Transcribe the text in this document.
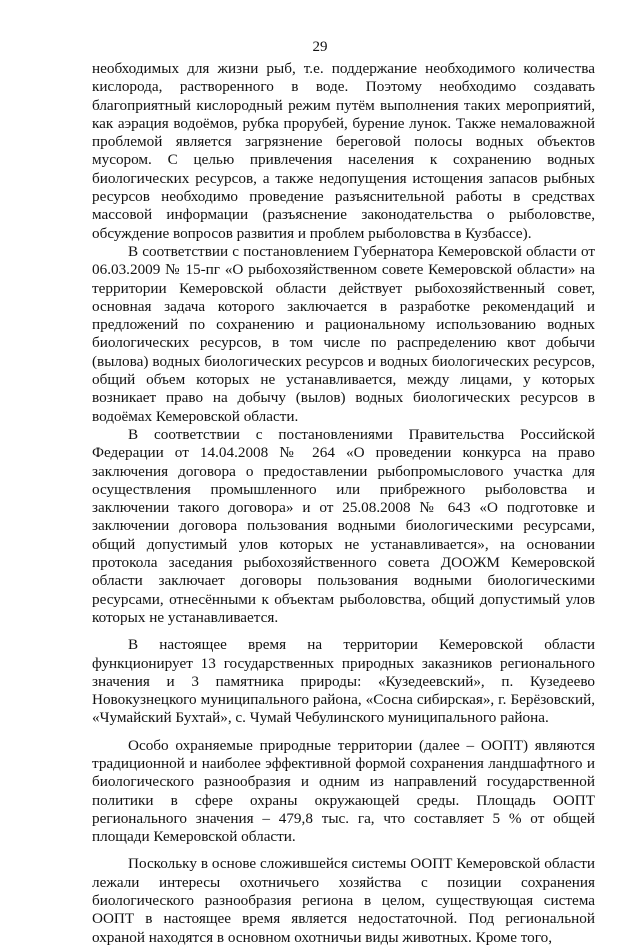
29

необходимых для жизни рыб, т.е. поддержание необходимого количества кислорода, растворенного в воде. Поэтому необходимо создавать благоприятный кислородный режим путём выполнения таких мероприятий, как аэрация водоёмов, рубка прорубей, бурение лунок. Также немаловажной проблемой является загрязнение береговой полосы водных объектов мусором. С целью привлечения населения к сохранению водных биологических ресурсов, а также недопущения истощения запасов рыбных ресурсов необходимо проведение разъяснительной работы в средствах массовой информации (разъяснение законодательства о рыболовстве, обсуждение вопросов развития и проблем рыболовства в Кузбассе).

В соответствии с постановлением Губернатора Кемеровской области от 06.03.2009 № 15-пг «О рыбохозяйственном совете Кемеровской области» на территории Кемеровской области действует рыбохозяйственный совет, основная задача которого заключается в разработке рекомендаций и предложений по сохранению и рациональному использованию водных биологических ресурсов, в том числе по распределению квот добычи (вылова) водных биологических ресурсов и водных биологических ресурсов, общий объем которых не устанавливается, между лицами, у которых возникает право на добычу (вылов) водных биологических ресурсов в водоёмах Кемеровской области.

В соответствии с постановлениями Правительства Российской Федерации от 14.04.2008 № 264 «О проведении конкурса на право заключения договора о предоставлении рыбопромыслового участка для осуществления промышленного или прибрежного рыболовства и заключении такого договора» и от 25.08.2008 № 643 «О подготовке и заключении договора пользования водными биологическими ресурсами, общий допустимый улов которых не устанавливается», на основании протокола заседания рыбохозяйственного совета ДООЖМ Кемеровской области заключает договоры пользования водными биологическими ресурсами, отнесёнными к объектам рыболовства, общий допустимый улов которых не устанавливается.

В настоящее время на территории Кемеровской области функционирует 13 государственных природных заказников регионального значения и 3 памятника природы: «Кузедеевский», п. Кузедеево Новокузнецкого муниципального района, «Сосна сибирская», г. Берёзовский, «Чумайский Бухтай», с. Чумай Чебулинского муниципального района.

Особо охраняемые природные территории (далее – ООПТ) являются традиционной и наиболее эффективной формой сохранения ландшафтного и биологического разнообразия и одним из направлений государственной политики в сфере охраны окружающей среды. Площадь ООПТ регионального значения – 479,8 тыс. га, что составляет 5 % от общей площади Кемеровской области.

Поскольку в основе сложившейся системы ООПТ Кемеровской области лежали интересы охотничьего хозяйства с позиции сохранения биологического разнообразия региона в целом, существующая система ООПТ в настоящее время является недостаточной. Под региональной охраной находятся в основном охотничьи виды животных. Кроме того,
